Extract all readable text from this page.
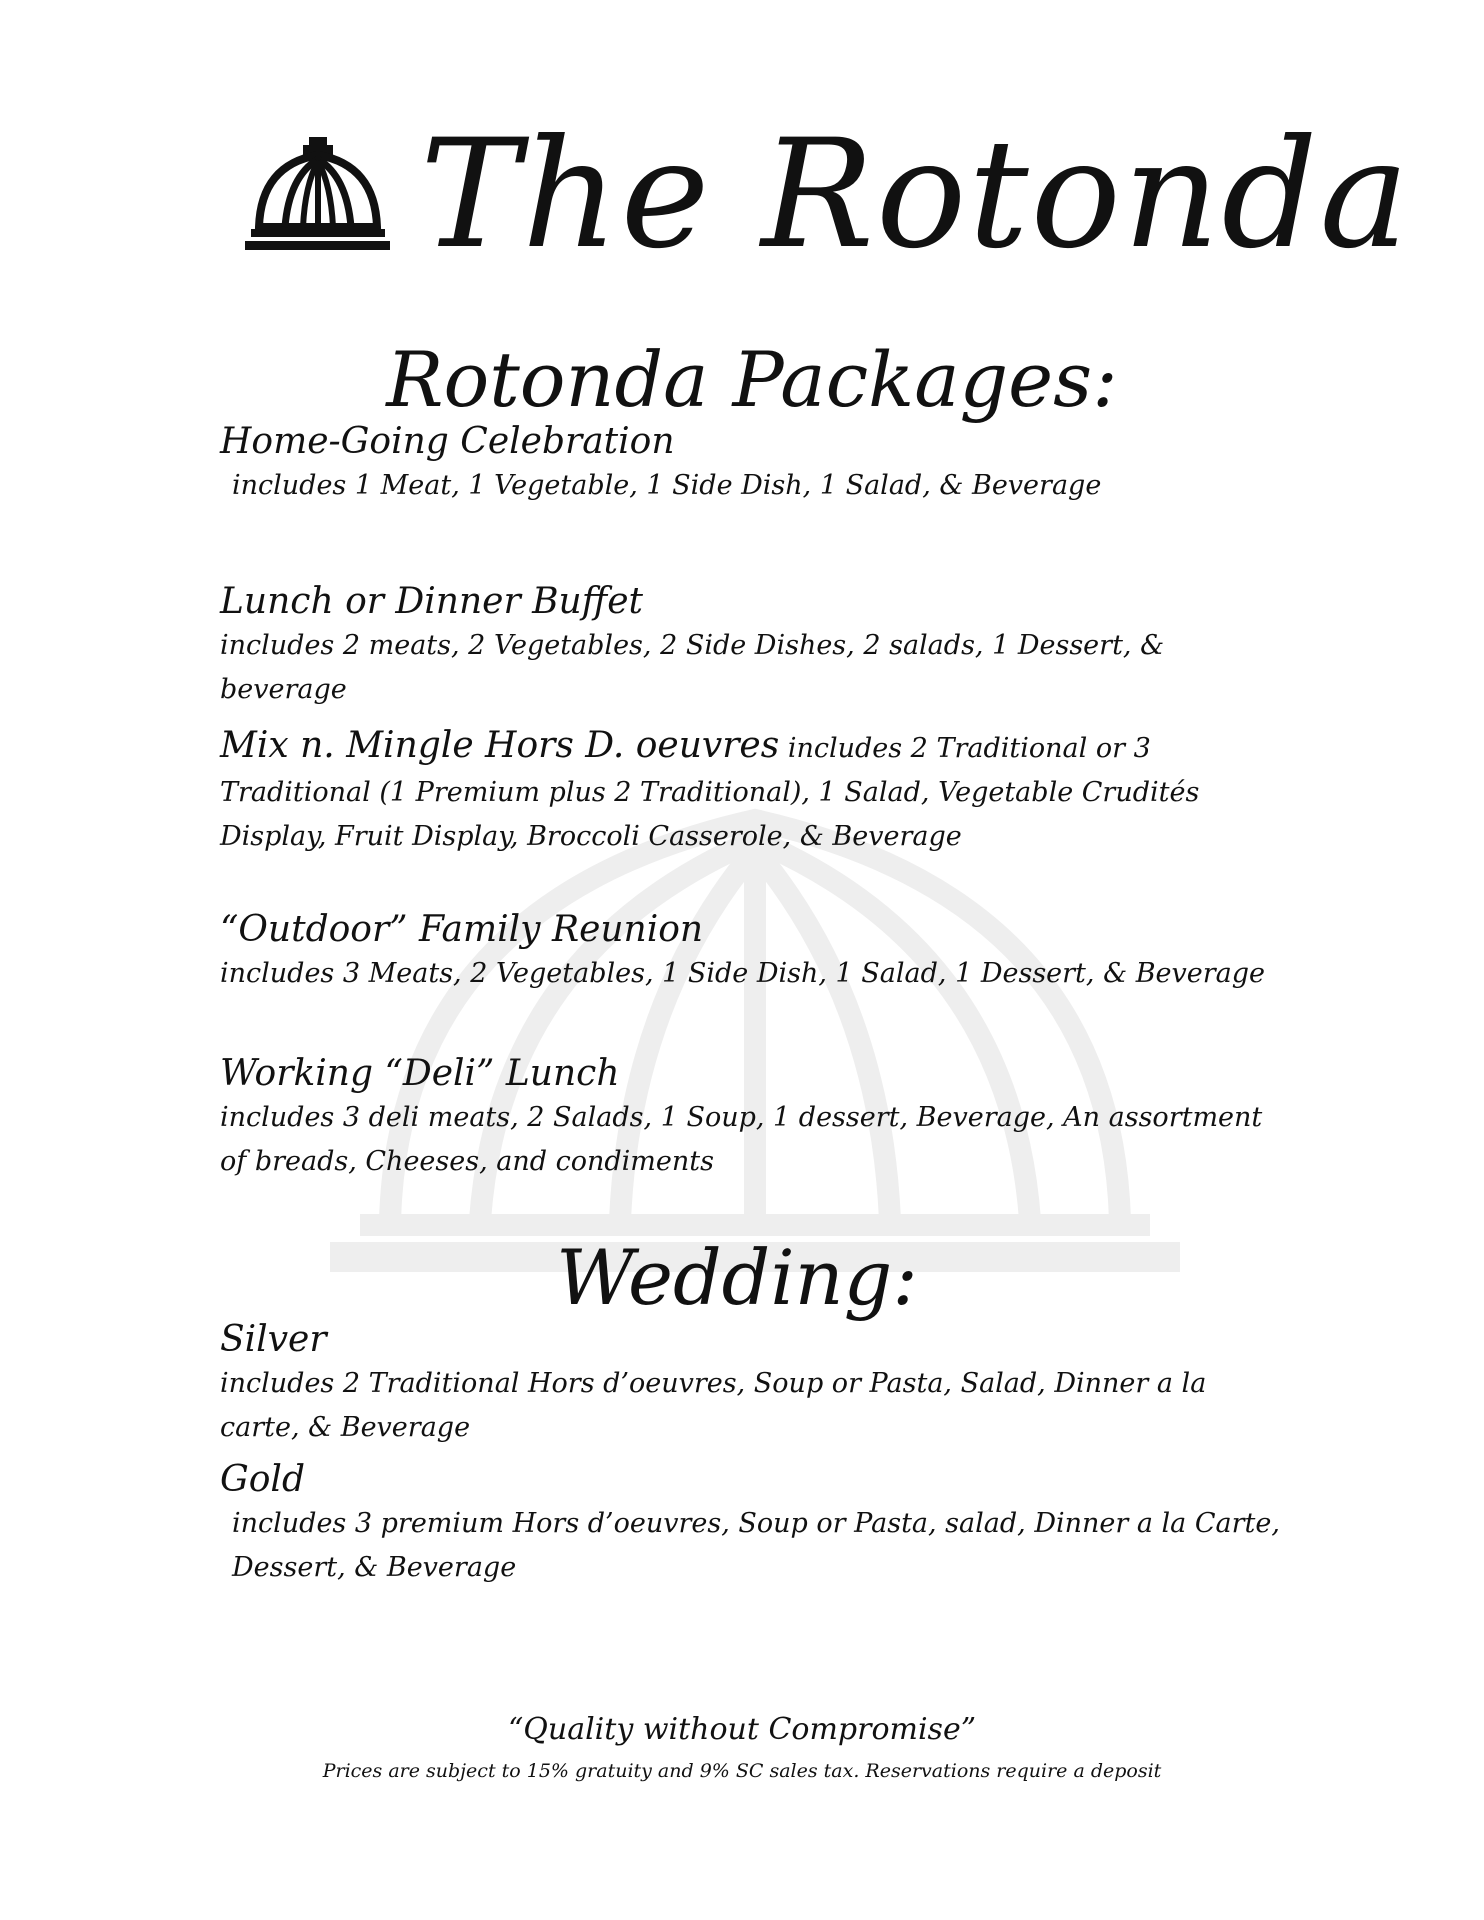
The Rotonda
Rotonda Packages:
Home-Going Celebration
includes 1 Meat, 1 Vegetable, 1 Side Dish, 1 Salad, & Beverage
Lunch or Dinner Buffet
includes 2 meats, 2 Vegetables, 2 Side Dishes, 2 salads, 1 Dessert, & beverage
Mix n. Mingle Hors D. oeuvres includes 2 Traditional or 3 Traditional (1 Premium plus 2 Traditional), 1 Salad, Vegetable Crudités Display, Fruit Display, Broccoli Casserole, & Beverage
“Outdoor” Family Reunion
includes 3 Meats, 2 Vegetables, 1 Side Dish, 1 Salad, 1 Dessert, & Beverage
Working “Deli” Lunch
includes 3 deli meats, 2 Salads, 1 Soup, 1 dessert, Beverage, An assortment of breads, Cheeses, and condiments
Wedding:
Silver
includes 2 Traditional Hors d’oeuvres, Soup or Pasta, Salad, Dinner a la carte, & Beverage
Gold
includes 3 premium Hors d’oeuvres, Soup or Pasta, salad, Dinner a la Carte, Dessert, & Beverage
“Quality without Compromise”
Prices are subject to 15% gratuity and 9% SC sales tax. Reservations require a deposit
